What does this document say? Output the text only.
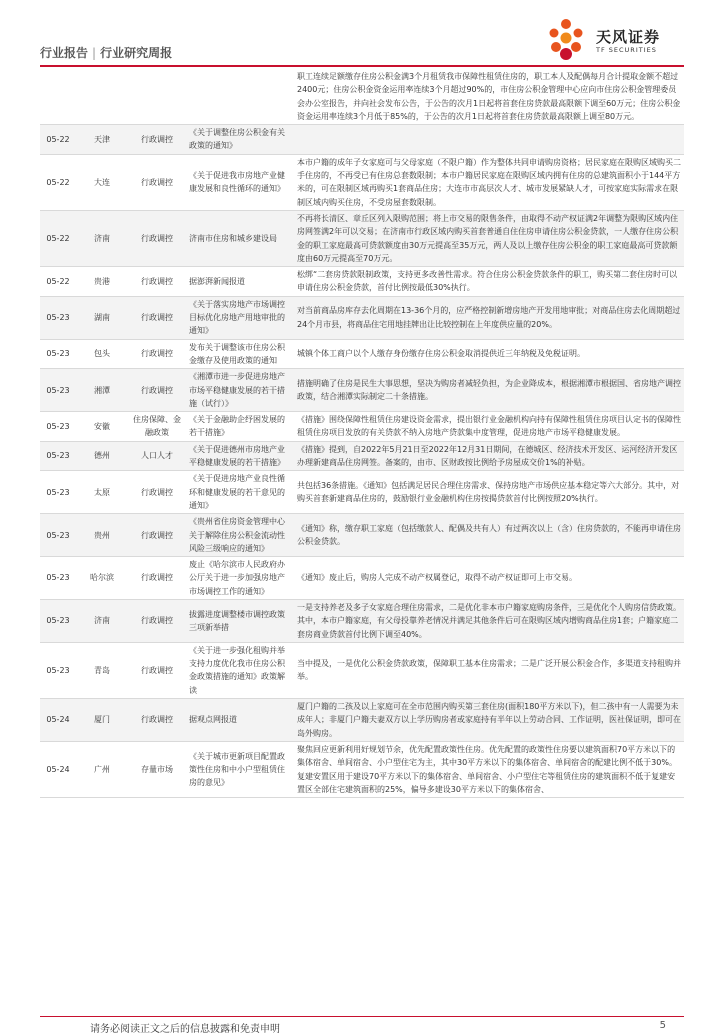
行业报告 | 行业研究周报
天风证券
TF SECURITIES
				职工连续足额缴存住房公积金满3个月租赁我市保障性租赁住房的，职工本人及配偶每月合计提取金额不超过2400元；住房公积金资金运用率连续3个月超过90%的，市住房公积金管理中心应向市住房公积金管理委员会办公室报告，并向社会发布公告，于公告的次月1日起将首套住房贷款最高限额下调至60万元；住房公积金资金运用率连续3个月低于85%的，于公告的次月1日起将首套住房贷款最高限额上调至80万元。
05-22	天津	行政调控	《关于调整住房公积金有关政策的通知》	
05-22	大连	行政调控	《关于促进我市房地产业健康发展和良性循环的通知》	本市户籍的成年子女家庭可与父母家庭（不限户籍）作为整体共同申请购房资格；居民家庭在限购区域购买二手住房的，不再受已有住房总套数限制；本市户籍居民家庭在限购区域内拥有住房的总建筑面积小于144平方米的，可在限制区域再购买1套商品住房；大连市市高层次人才、城市发展紧缺人才，可按家庭实际需求在限制区域内购买住房，不受房屋套数限制。
05-22	济南	行政调控	济南市住房和城乡建设局	不再将长清区、章丘区列入限购范围；将上市交易的限售条件，由取得不动产权证满2年调整为限购区域内住房网签满2年可以交易；在济南市行政区域内购买首套普通自住住房申请住房公积金贷款，一人缴存住房公积金的职工家庭最高可贷款额度由30万元提高至35万元，两人及以上缴存住房公积金的职工家庭最高可贷款额度由60万元提高至70万元。
05-22	贵港	行政调控	据澎湃新闻报道	松绑“二套房贷款限制政策，支持更多改善性需求。符合住房公积金贷款条件的职工，购买第二套住房时可以申请住房公积金贷款，首付比例按最低30%执行。
05-23	湖南	行政调控	《关于落实房地产市场调控目标优化房地产用地审批的通知》	对当前商品房库存去化周期在13-36个月的，应严格控制新增房地产开发用地审批；对商品住房去化周期超过24个月市县，将商品住宅用地挂牌出让比较控制在上年度供应量的20%。
05-23	包头	行政调控	发布关于调整该市住房公积金缴存及使用政策的通知	城镇个体工商户以个人缴存身份缴存住房公积金取消提供近三年纳税及免税证明。
05-23	湘潭	行政调控	《湘潭市进一步促进房地产市场平稳健康发展的若干措施（试行）》	措施明确了住房是民生大事思想，坚决为购房者减轻负担，为企业降成本，根据湘潭市根据国、省房地产调控政策，结合湘潭实际制定二十条措施。
05-23	安徽	住房保障、金融政策	《关于金融助企纾困发展的若干措施》	《措施》围绕保障性租赁住房建设资金需求，提出银行业金融机构向持有保障性租赁住房项目认定书的保障性租赁住房项目发放的有关贷款不纳入房地产贷款集中度管理，促进房地产市场平稳健康发展。
05-23	德州	人口人才	《关于促进德州市房地产业平稳健康发展的若干措施》	《措施》提到，自2022年5月21日至2022年12月31日期间，在德城区、经济技术开发区、运河经济开发区办理新建商品住房网签。备案的，由市、区财政按比例给予房屋成交价1%的补贴。
05-23	太原	行政调控	《关于促进房地产业良性循环和健康发展的若干意见的通知》	共包括36条措施。《通知》包括满足居民合理住房需求、保持房地产市场供应基本稳定等六大部分。其中，对购买首套新建商品住房的，鼓励银行业金融机构住房按揭贷款首付比例按照20%执行。
05-23	贵州	行政调控	《贵州省住房资金管理中心关于解除住房公积金流动性风险三级响应的通知》	《通知》称，缴存职工家庭（包括缴款人、配偶及共有人）有过两次以上（含）住房贷款的，不能再申请住房公积金贷款。
05-23	哈尔滨	行政调控	废止《哈尔滨市人民政府办公厅关于进一步加强房地产市场调控工作的通知》	《通知》废止后，购房人完成不动产权属登记，取得不动产权证即可上市交易。
05-23	济南	行政调控	拔露进度调整楼市调控政策三项新举措	一是支持养老及多子女家庭合理住房需求，二是优化非本市户籍家庭购房条件，三是优化个人购房信贷政策。其中，本市户籍家庭，有父母投靠养老情况并满足其他条件后可在限购区域内增购商品住房1套；户籍家庭二套房商业贷款首付比例下调至40%。
05-23	青岛	行政调控	《关于进一步强化租购并举支持力度优化我市住房公积金政策措施的通知》政策解读	当中提及，一是优化公积金贷款政策，保障职工基本住房需求；二是广泛开展公积金合作，多渠道支持租购并举。
05-24	厦门	行政调控	据观点网报道	厦门户籍的二孩及以上家庭可在全市范围内购买第三套住房(面积180平方米以下)，但二孩中有一人需要为未成年人；非厦门户籍夫妻双方以上学历购房者或家庭持有半年以上劳动合同、工作证明，医社保证明，即可在岛外购房。
05-24	广州	存量市场	《关于城市更新项目配置政策性住房和中小户型租赁住房的意见》	聚焦回应更新利用好规划节余，优先配置政策性住房。优先配置的政策性住房要以建筑面积70平方米以下的集体宿舍、单间宿舍、小户型住宅为主，其中30平方米以下的集体宿舍、单间宿舍的配建比例不低于30%。复建安置区用于建设70平方米以下的集体宿舍、单间宿舍、小户型住宅等租赁住房的建筑面积不低于复建安置区全部住宅建筑面积的25%，偏导多建设30平方米以下的集体宿舍、
请务必阅读正文之后的信息披露和免责申明	5
